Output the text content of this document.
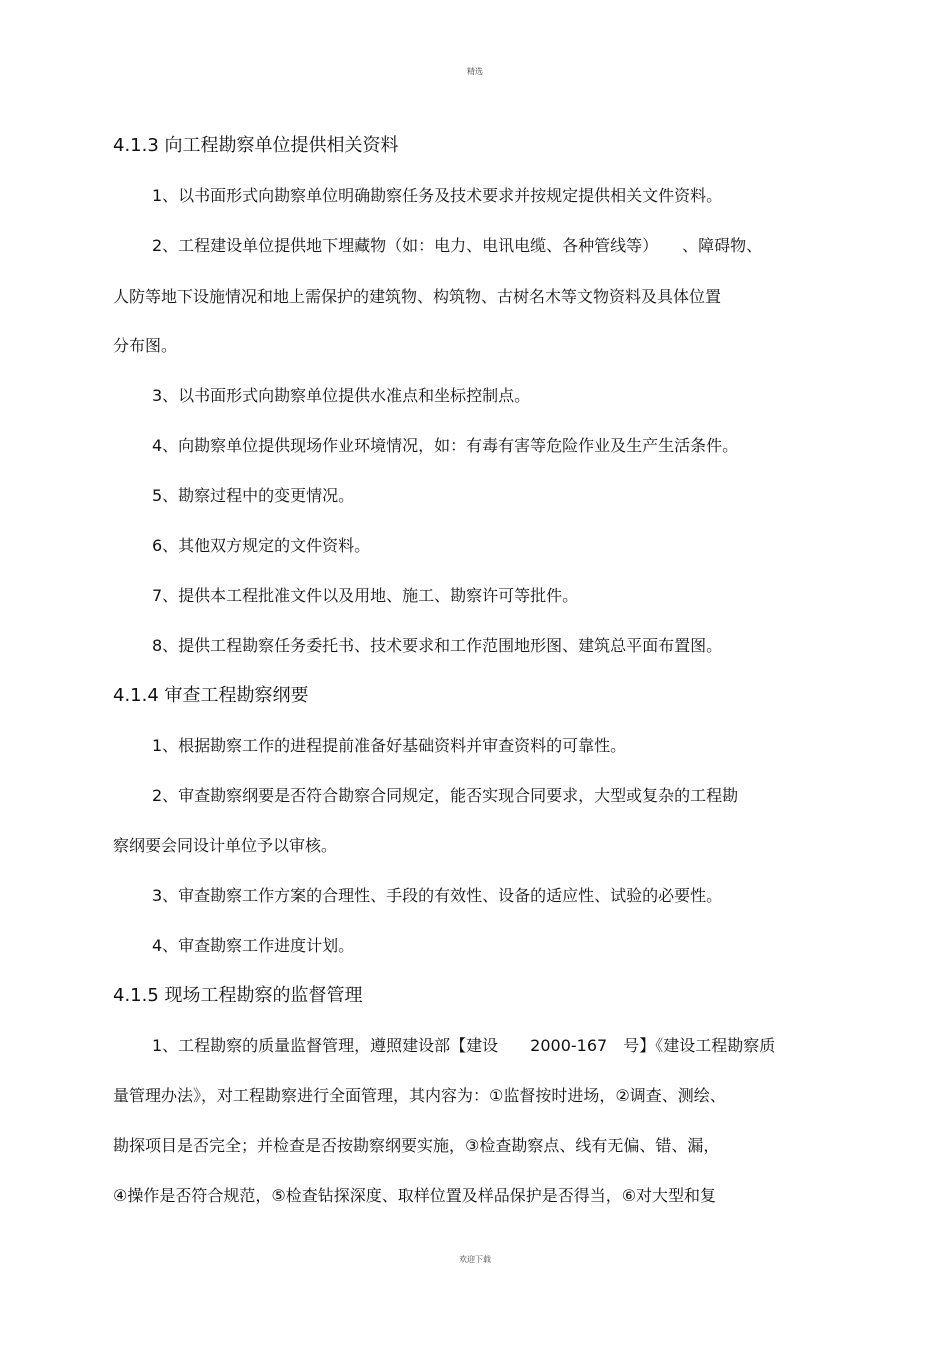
精选
4.1.3 向工程勘察单位提供相关资料
1、以书面形式向勘察单位明确勘察任务及技术要求并按规定提供相关文件资料。
2、工程建设单位提供地下埋藏物（如：电力、电讯电缆、各种管线等）　　、障碍物、
人防等地下设施情况和地上需保护的建筑物、构筑物、古树名木等文物资料及具体位置
分布图。
3、以书面形式向勘察单位提供水准点和坐标控制点。
4、向勘察单位提供现场作业环境情况，如：有毒有害等危险作业及生产生活条件。
5、勘察过程中的变更情况。
6、其他双方规定的文件资料。
7、提供本工程批准文件以及用地、施工、勘察许可等批件。
8、提供工程勘察任务委托书、技术要求和工作范围地形图、建筑总平面布置图。
4.1.4 审查工程勘察纲要
1、根据勘察工作的进程提前准备好基础资料并审查资料的可靠性。
2、审查勘察纲要是否符合勘察合同规定，能否实现合同要求，大型或复杂的工程勘
察纲要会同设计单位予以审核。
3、审查勘察工作方案的合理性、手段的有效性、设备的适应性、试验的必要性。
4、审查勘察工作进度计划。
4.1.5 现场工程勘察的监督管理
1、工程勘察的质量监督管理，遵照建设部【建设　　2000-167　号】《建设工程勘察质
量管理办法》，对工程勘察进行全面管理，其内容为：①监督按时进场，②调查、测绘、
勘探项目是否完全；并检查是否按勘察纲要实施，③检查勘察点、线有无偏、错、漏，
④操作是否符合规范，⑤检查钻探深度、取样位置及样品保护是否得当，⑥对大型和复
欢迎下载
